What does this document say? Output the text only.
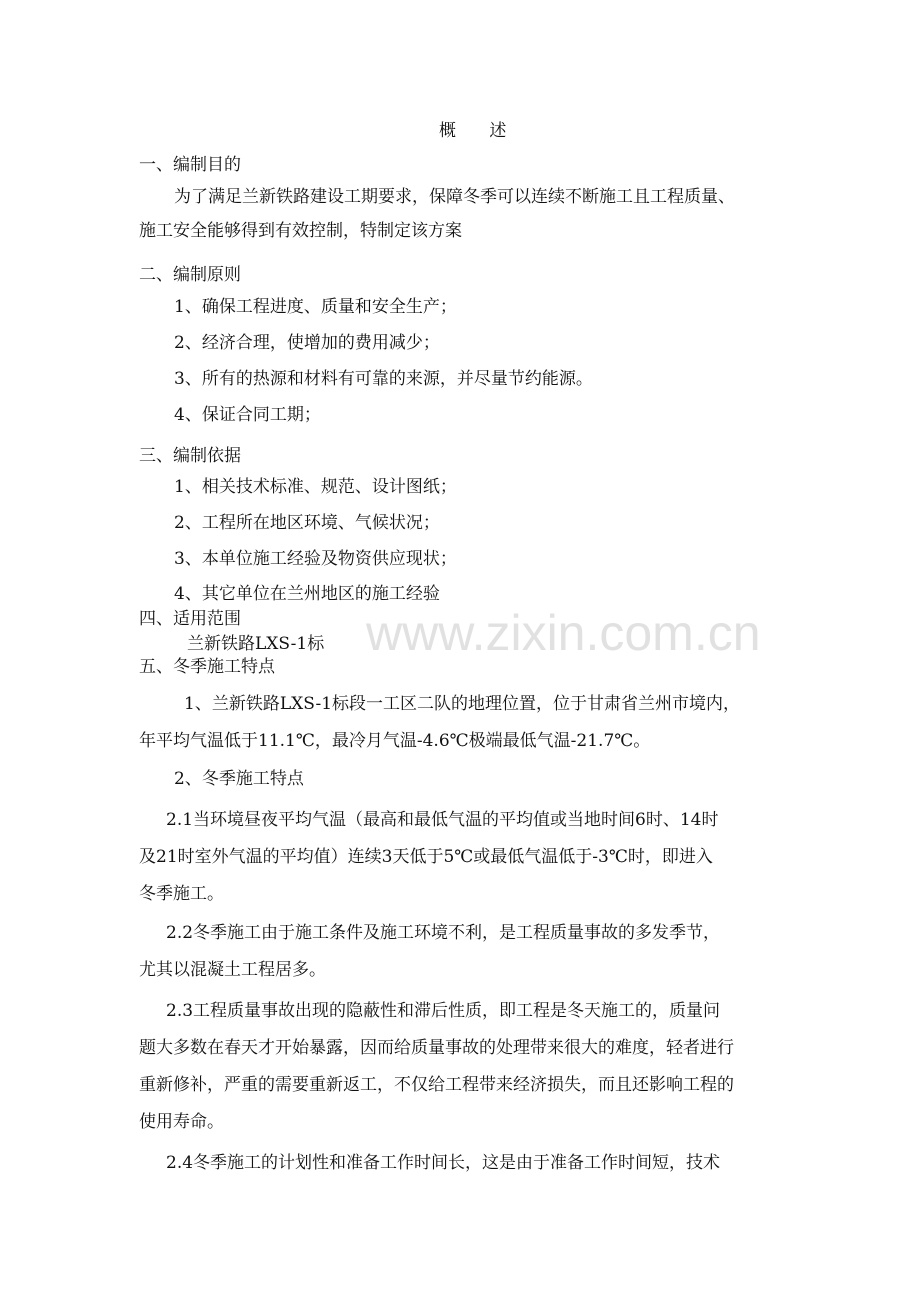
www.zixin.com.cn

概 述

一、编制目的

为了满足兰新铁路建设工期要求，保障冬季可以连续不断施工且工程质量、

施工安全能够得到有效控制，特制定该方案

二、编制原则

1、确保工程进度、质量和安全生产；

2、经济合理，使增加的费用减少；

3、所有的热源和材料有可靠的来源，并尽量节约能源。

4、保证合同工期；

三、编制依据

1、相关技术标准、规范、设计图纸；

2、工程所在地区环境、气候状况；

3、本单位施工经验及物资供应现状；

4、其它单位在兰州地区的施工经验

四、适用范围

兰新铁路LXS-1标

五、冬季施工特点

1、兰新铁路LXS-1标段一工区二队的地理位置，位于甘肃省兰州市境内，

年平均气温低于11.1℃，最冷月气温-4.6℃极端最低气温-21.7℃。

2、冬季施工特点

2.1当环境昼夜平均气温（最高和最低气温的平均值或当地时间6时、14时

及21时室外气温的平均值）连续3天低于5℃或最低气温低于-3℃时，即进入

冬季施工。

2.2冬季施工由于施工条件及施工环境不利，是工程质量事故的多发季节，

尤其以混凝土工程居多。

2.3工程质量事故出现的隐蔽性和滞后性质，即工程是冬天施工的，质量问

题大多数在春天才开始暴露，因而给质量事故的处理带来很大的难度，轻者进行

重新修补，严重的需要重新返工，不仅给工程带来经济损失，而且还影响工程的

使用寿命。

2.4冬季施工的计划性和准备工作时间长，这是由于准备工作时间短，技术
